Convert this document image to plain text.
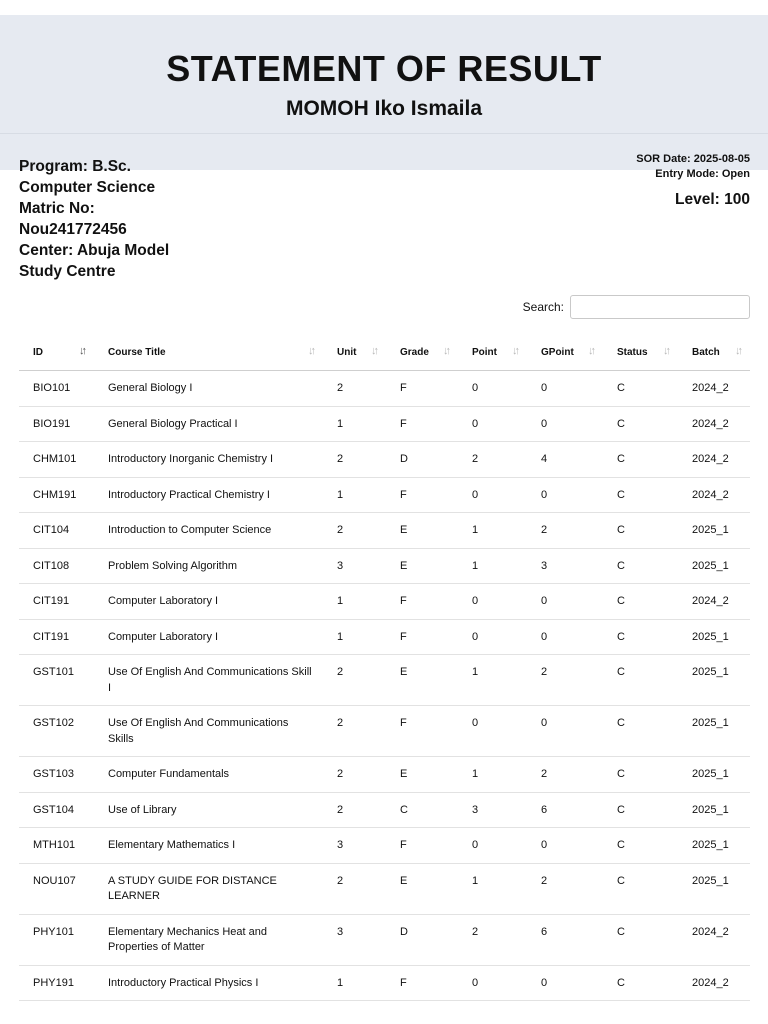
STATEMENT OF RESULT
MOMOH Iko Ismaila
Program: B.Sc. Computer Science
Matric No: Nou241772456
Center: Abuja Model Study Centre
SOR Date: 2025-08-05
Entry Mode: Open
Level: 100
Search:
ID ↓↑	Course Title ↓↑	Unit ↓↑	Grade ↓↑	Point ↓↑	GPoint ↓↑	Status ↓↑	Batch ↓↑

BIO101	General Biology I	2	F	0	0	C	2024_2
BIO191	General Biology Practical I	1	F	0	0	C	2024_2
CHM101	Introductory Inorganic Chemistry I	2	D	2	4	C	2024_2
CHM191	Introductory Practical Chemistry I	1	F	0	0	C	2024_2
CIT104	Introduction to Computer Science	2	E	1	2	C	2025_1
CIT108	Problem Solving Algorithm	3	E	1	3	C	2025_1
CIT191	Computer Laboratory I	1	F	0	0	C	2024_2
CIT191	Computer Laboratory I	1	F	0	0	C	2025_1
GST101	Use Of English And Communications Skill I	2	E	1	2	C	2025_1
GST102	Use Of English And Communications Skills	2	F	0	0	C	2025_1
GST103	Computer Fundamentals	2	E	1	2	C	2025_1
GST104	Use of Library	2	C	3	6	C	2025_1
MTH101	Elementary Mathematics I	3	F	0	0	C	2025_1
NOU107	A STUDY GUIDE FOR DISTANCE LEARNER	2	E	1	2	C	2025_1
PHY101	Elementary Mechanics Heat and Properties of Matter	3	D	2	6	C	2024_2
PHY191	Introductory Practical Physics I	1	F	0	0	C	2024_2
